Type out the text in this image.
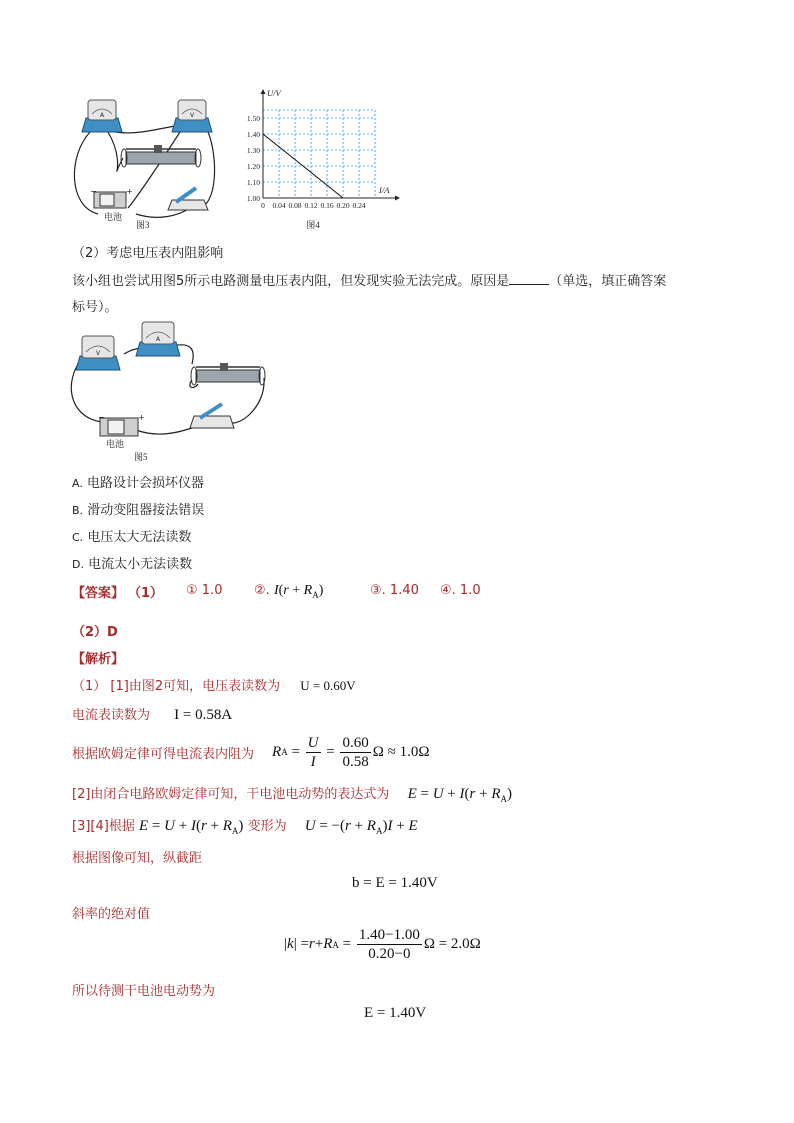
A	V
−	+
电池
图3
0 0.04 0.08 0.12 0.16 0.20 0.24
1.00
1.10
1.20
1.30
1.40
1.50
U/V
I/A
图4
（2）考虑电压表内阻影响
该小组也尝试用图5所示电路测量电压表内阻，但发现实验无法完成。原因是	（单选，填正确答案
标号）。
V
A
−	+
电池
图5
A. 电路设计会损坏仪器
B. 滑动变阻器接法错误
C. 电压太大无法读数
D. 电流太小无法读数
【答案】 （1） ① 1.0 ②. $I(r + R_A)$	③. 1.40 ④. 1.0
（2）D
【解析】
（1） [1]由图2可知，电压表读数为 U = 0.60V
电流表读数为 I = 0.58A
根据欧姆定律可得电流表内阻为 R $A = \frac{U}{I} = \frac{0.60}{0.58}$ Ω ≈ 1.0Ω
[2]由闭合电路欧姆定律可知，干电池电动势的表达式为 $E = U + I(r + R_A)$
[3][4]根据 $E = U + I(r + R_A)$ 变形为 $U = -(r + R_A)I + E$
根据图像可知，纵截距
b = E = 1.40V
斜率的绝对值
| k | = r + R $A = \frac{1.40-1.00}{0.20-0}$ Ω = 2.0Ω
所以待测干电池电动势为
E = 1.40V
